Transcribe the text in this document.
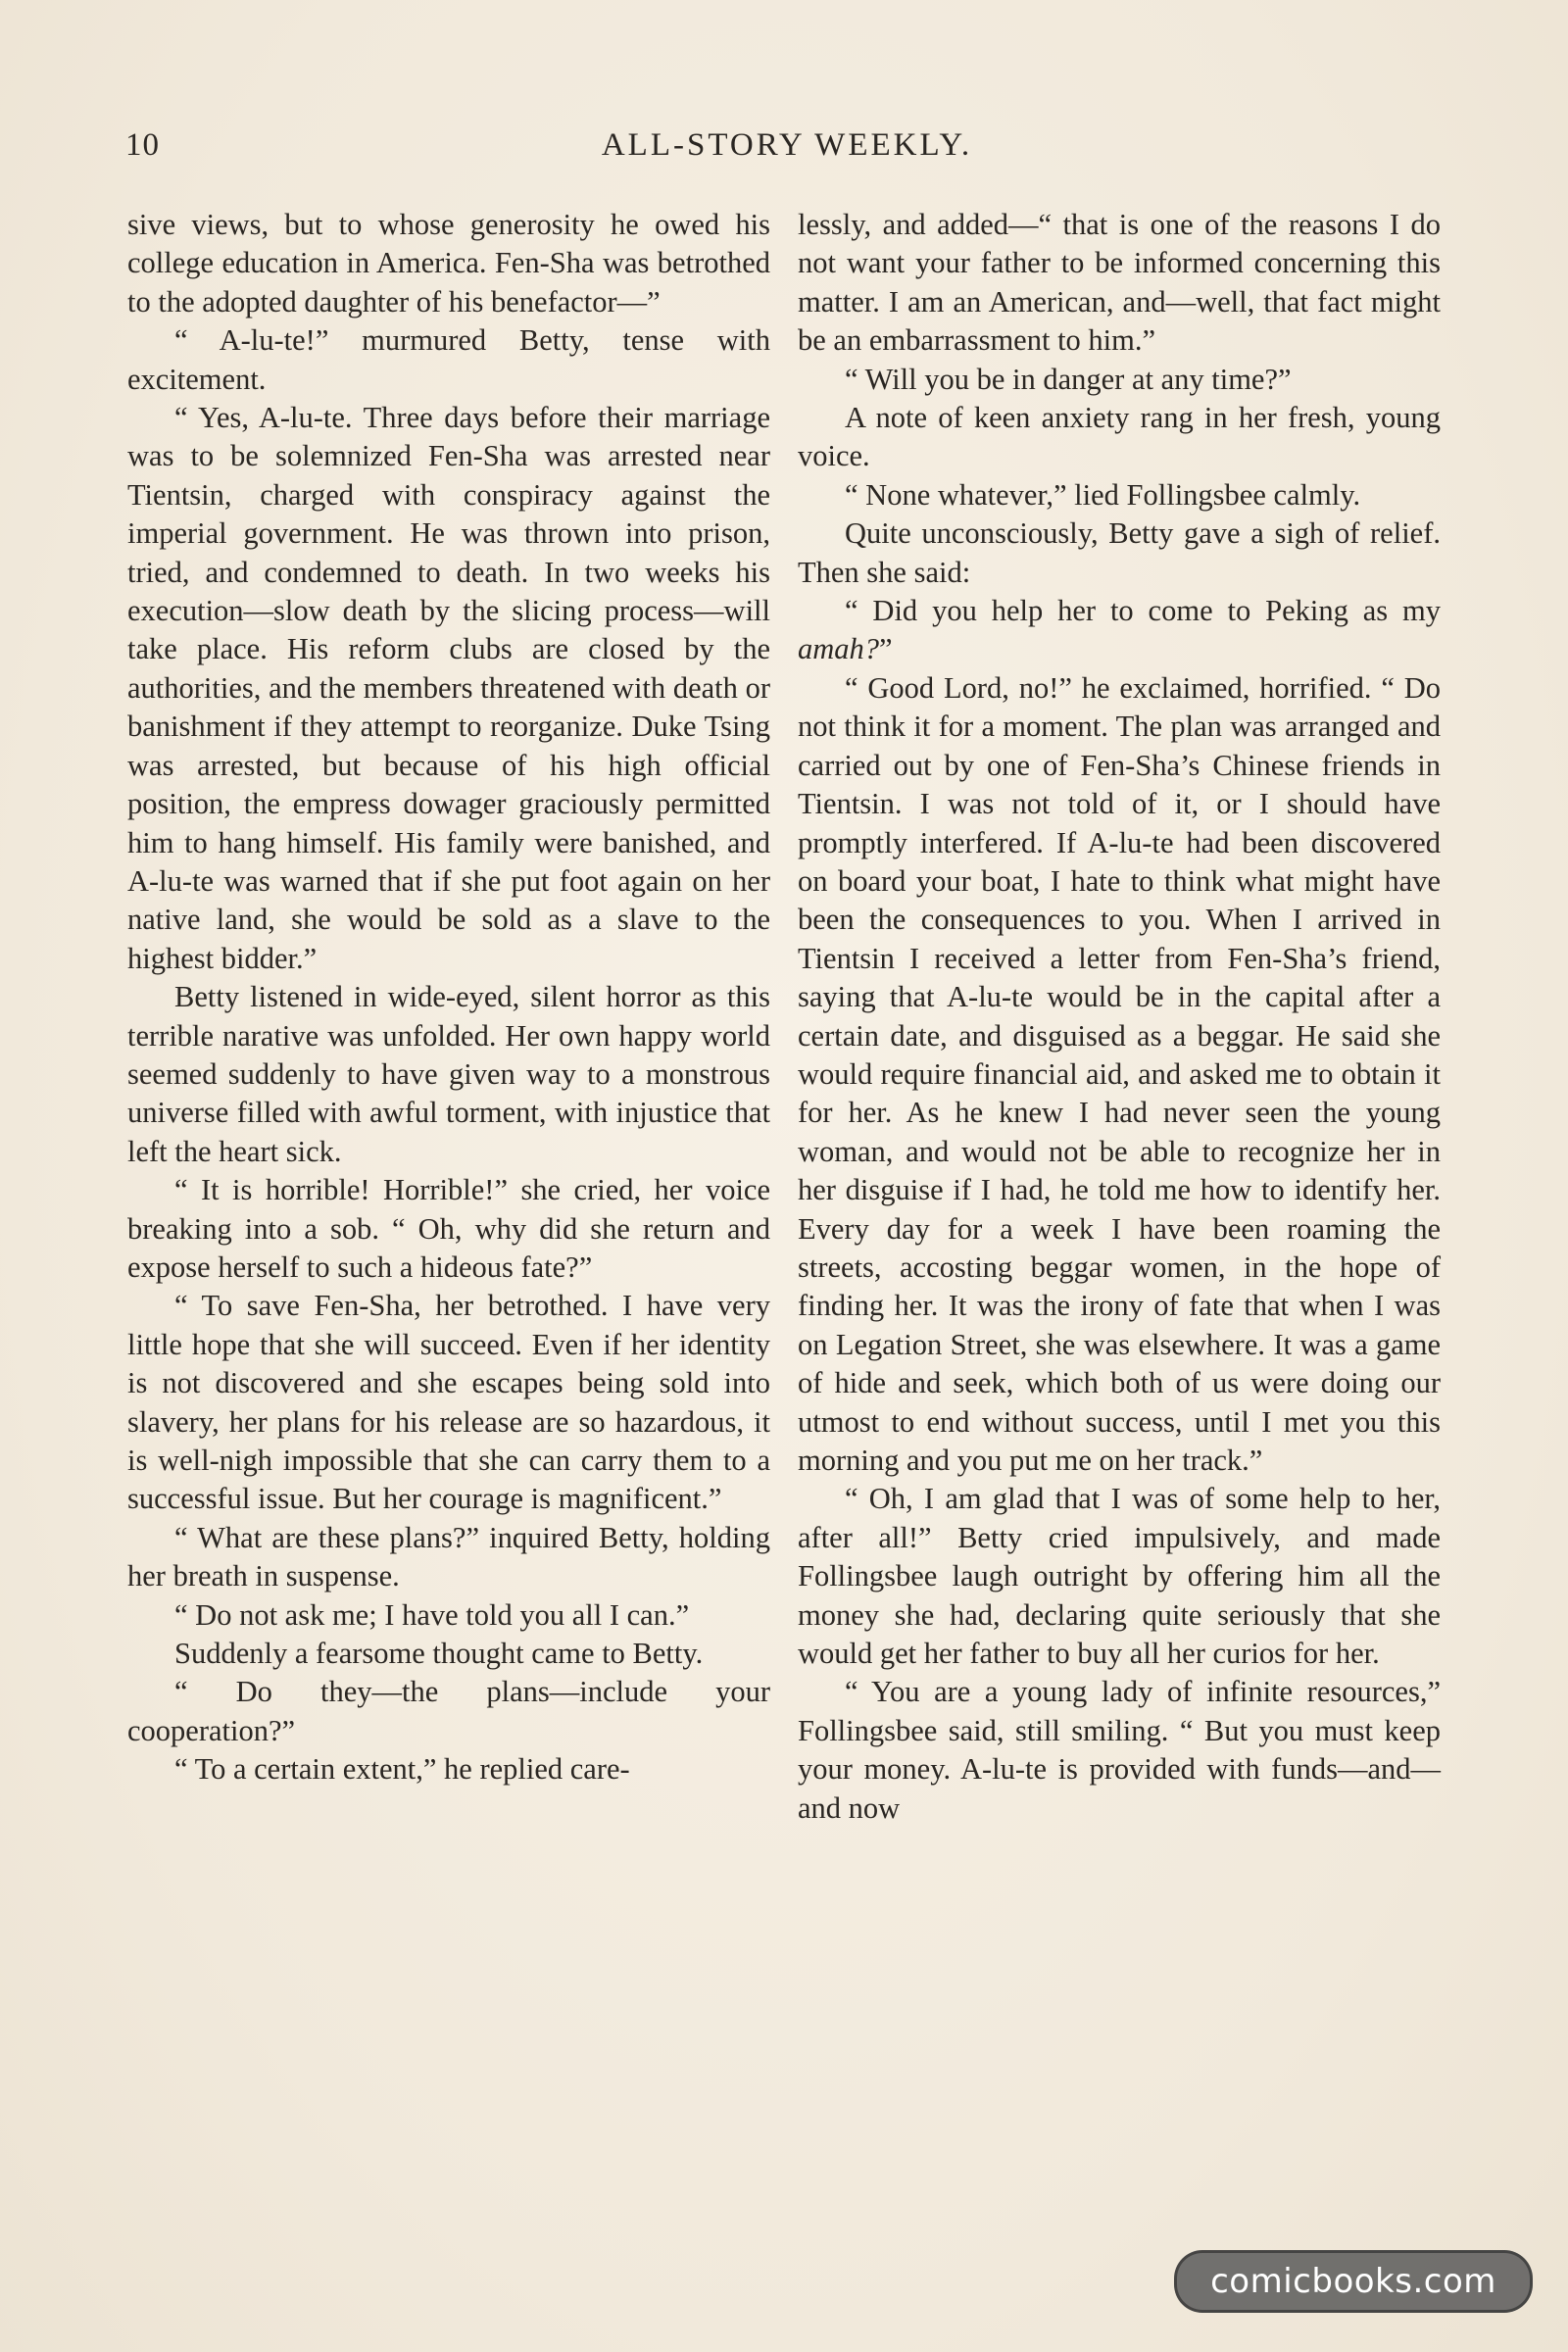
10	ALL-STORY WEEKLY.

sive views, but to whose generosity he owed his college education in America. Fen-Sha was betrothed to the adopted daughter of his benefactor—”

“ A-lu-te!” murmured Betty, tense with excitement.

“ Yes, A-lu-te. Three days before their marriage was to be solemnized Fen-Sha was arrested near Tientsin, charged with conspiracy against the imperial government. He was thrown into prison, tried, and condemned to death. In two weeks his execution—slow death by the slicing process—will take place. His reform clubs are closed by the authorities, and the members threatened with death or banishment if they attempt to reorganize. Duke Tsing was arrested, but because of his high official position, the empress dowager graciously permitted him to hang himself. His family were banished, and A-lu-te was warned that if she put foot again on her native land, she would be sold as a slave to the highest bidder.”

Betty listened in wide-eyed, silent horror as this terrible narative was unfolded. Her own happy world seemed suddenly to have given way to a monstrous universe filled with awful torment, with injustice that left the heart sick.

“ It is horrible! Horrible!” she cried, her voice breaking into a sob. “ Oh, why did she return and expose herself to such a hideous fate?”

“ To save Fen-Sha, her betrothed. I have very little hope that she will succeed. Even if her identity is not discovered and she escapes being sold into slavery, her plans for his release are so hazardous, it is well-nigh impossible that she can carry them to a successful issue. But her courage is magnificent.”

“ What are these plans?” inquired Betty, holding her breath in suspense.

“ Do not ask me; I have told you all I can.”

Suddenly a fearsome thought came to Betty.

“ Do they—the plans—include your cooperation?”

“ To a certain extent,” he replied care-

lessly, and added—“ that is one of the reasons I do not want your father to be informed concerning this matter. I am an American, and—well, that fact might be an embarrassment to him.”

“ Will you be in danger at any time?”

A note of keen anxiety rang in her fresh, young voice.

“ None whatever,” lied Follingsbee calmly.

Quite unconsciously, Betty gave a sigh of relief. Then she said:

“ Did you help her to come to Peking as my amah?”

“ Good Lord, no!” he exclaimed, horrified. “ Do not think it for a moment. The plan was arranged and carried out by one of Fen-Sha’s Chinese friends in Tientsin. I was not told of it, or I should have promptly interfered. If A-lu-te had been discovered on board your boat, I hate to think what might have been the consequences to you. When I arrived in Tientsin I received a letter from Fen-Sha’s friend, saying that A-lu-te would be in the capital after a certain date, and disguised as a beggar. He said she would require financial aid, and asked me to obtain it for her. As he knew I had never seen the young woman, and would not be able to recognize her in her disguise if I had, he told me how to identify her. Every day for a week I have been roaming the streets, accosting beggar women, in the hope of finding her. It was the irony of fate that when I was on Legation Street, she was elsewhere. It was a game of hide and seek, which both of us were doing our utmost to end without success, until I met you this morning and you put me on her track.”

“ Oh, I am glad that I was of some help to her, after all!” Betty cried impulsively, and made Follingsbee laugh outright by offering him all the money she had, declaring quite seriously that she would get her father to buy all her curios for her.

“ You are a young lady of infinite resources,” Follingsbee said, still smiling. “ But you must keep your money. A-lu-te is provided with funds—and—and now

comicbooks.com
